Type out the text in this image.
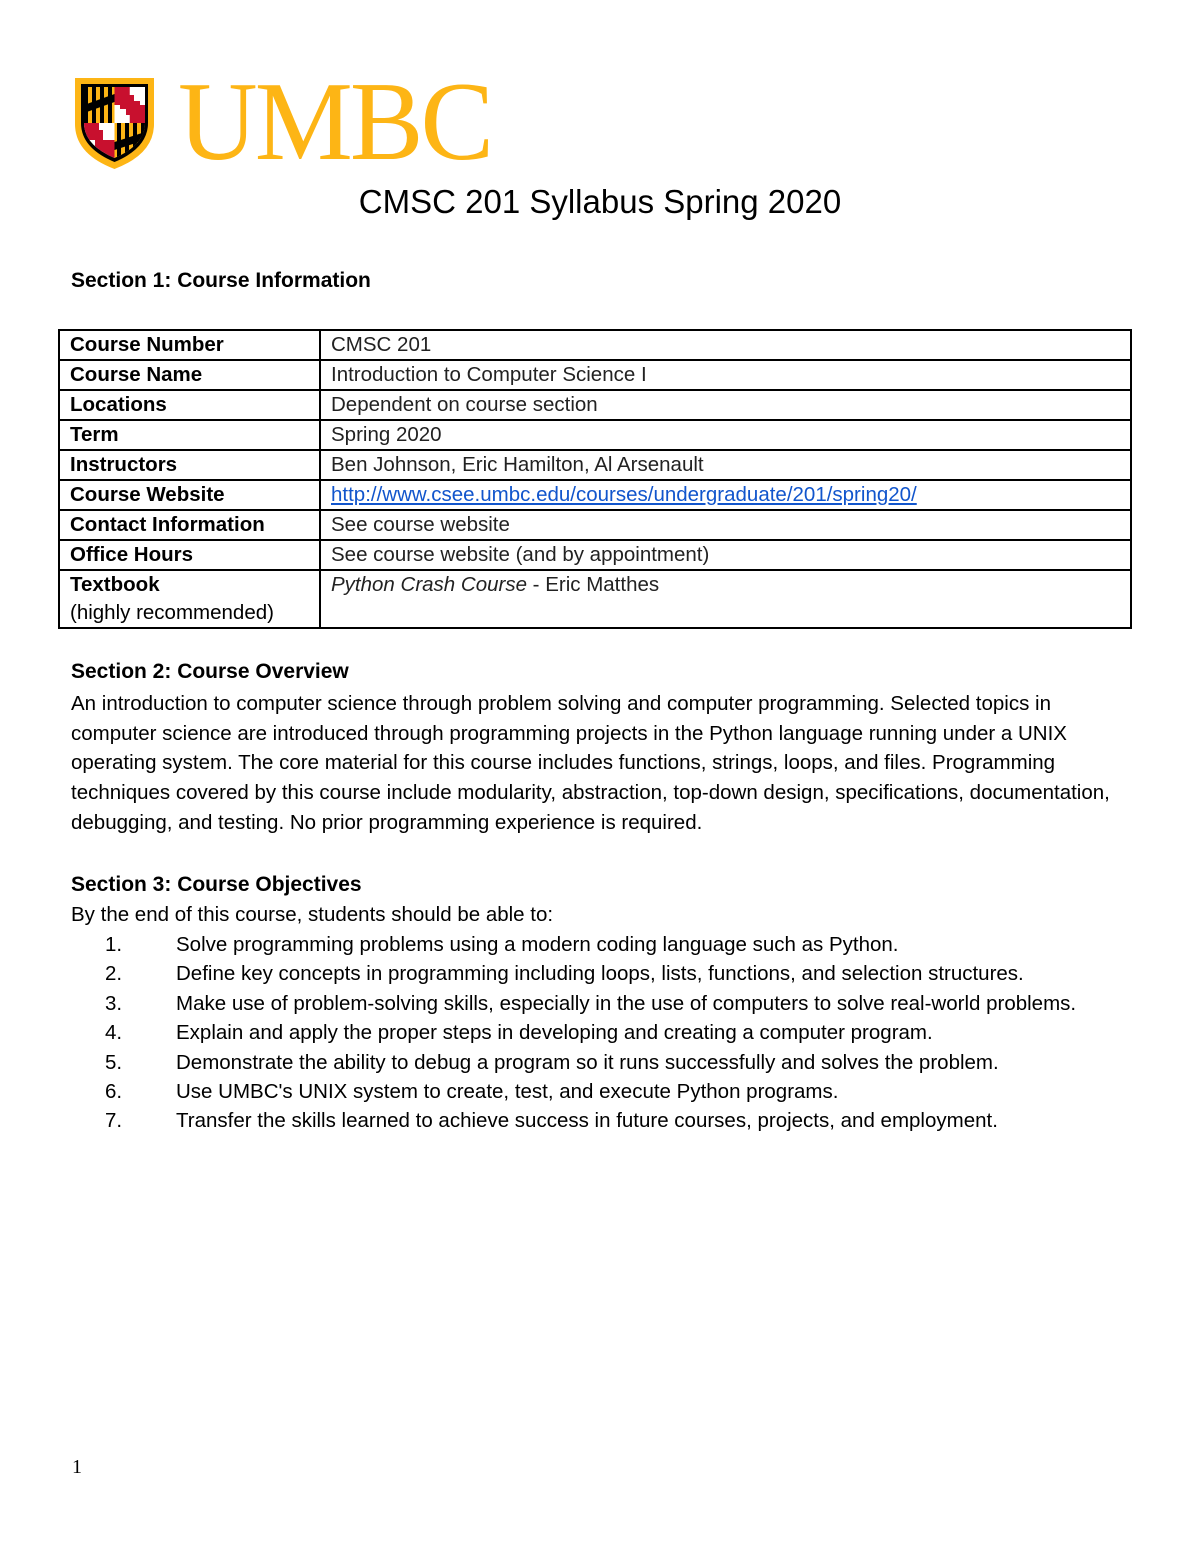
UMBC
CMSC 201 Syllabus Spring 2020
Section 1: Course Information
Course Number	CMSC 201
Course Name	Introduction to Computer Science I
Locations	Dependent on course section
Term	Spring 2020
Instructors	Ben Johnson, Eric Hamilton, Al Arsenault
Course Website	http://www.csee.umbc.edu/courses/undergraduate/201/spring20/
Contact Information	See course website
Office Hours	See course website (and by appointment)
Textbook
(highly recommended)	Python Crash Course - Eric Matthes
Section 2: Course Overview
An introduction to computer science through problem solving and computer programming. Selected topics in computer science are introduced through programming projects in the Python language running under a UNIX operating system. The core material for this course includes functions, strings, loops, and files. Programming techniques covered by this course include modularity, abstraction, top-down design, specifications, documentation, debugging, and testing. No prior programming experience is required.
Section 3: Course Objectives
By the end of this course, students should be able to:
1.	Solve programming problems using a modern coding language such as Python.
2.	Define key concepts in programming including loops, lists, functions, and selection structures.
3.	Make use of problem-solving skills, especially in the use of computers to solve real-world problems.
4.	Explain and apply the proper steps in developing and creating a computer program.
5.	Demonstrate the ability to debug a program so it runs successfully and solves the problem.
6.	Use UMBC's UNIX system to create, test, and execute Python programs.
7.	Transfer the skills learned to achieve success in future courses, projects, and employment.
1
